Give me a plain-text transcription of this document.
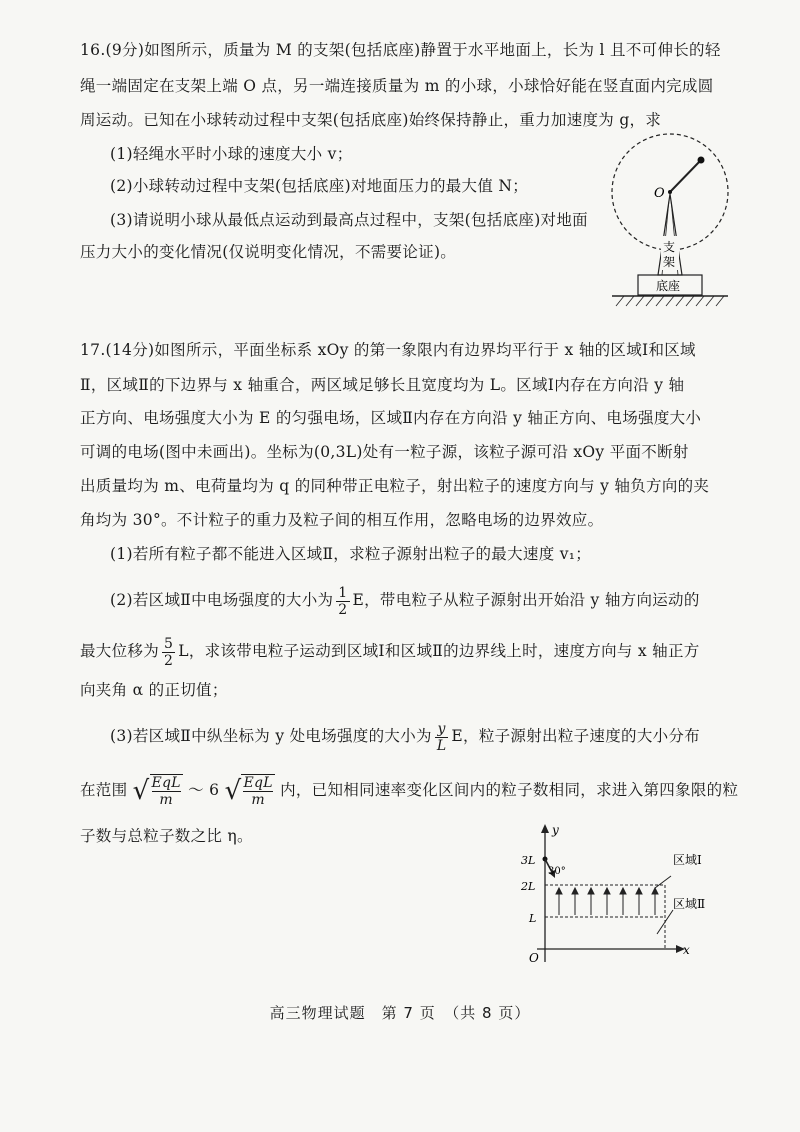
16.(9分)如图所示，质量为 M 的支架(包括底座)静置于水平地面上，长为 l 且不可伸长的轻
绳一端固定在支架上端 O 点，另一端连接质量为 m 的小球，小球恰好能在竖直面内完成圆
周运动。已知在小球转动过程中支架(包括底座)始终保持静止，重力加速度为 g，求
(1)轻绳水平时小球的速度大小 v；
(2)小球转动过程中支架(包括底座)对地面压力的最大值 N；
(3)请说明小球从最低点运动到最高点过程中，支架(包括底座)对地面
压力大小的变化情况(仅说明变化情况，不需要论证)。
O
支
架
底座
17.(14分)如图所示，平面坐标系 xOy 的第一象限内有边界均平行于 x 轴的区域Ⅰ和区域
Ⅱ，区域Ⅱ的下边界与 x 轴重合，两区域足够长且宽度均为 L。区域Ⅰ内存在方向沿 y 轴
正方向、电场强度大小为 E 的匀强电场，区域Ⅱ内存在方向沿 y 轴正方向、电场强度大小
可调的电场(图中未画出)。坐标为(0,3L)处有一粒子源，该粒子源可沿 xOy 平面不断射
出质量均为 m、电荷量均为 q 的同种带正电粒子，射出粒子的速度方向与 y 轴负方向的夹
角均为 30°。不计粒子的重力及粒子间的相互作用，忽略电场的边界效应。
(1)若所有粒子都不能进入区域Ⅱ，求粒子源射出粒子的最大速度 v₁；
(2)若区域Ⅱ中电场强度的大小为 $\frac{1}{2}$ E，带电粒子从粒子源射出开始沿 y 轴方向运动的
最大位移为 $\frac{5}{2}$ L，求该带电粒子运动到区域Ⅰ和区域Ⅱ的边界线上时，速度方向与 x 轴正方
向夹角 α 的正切值；
(3)若区域Ⅱ中纵坐标为 y 处电场强度的大小为 $\frac{y}{L}$ E，粒子源射出粒子速度的大小分布
在范围 √ EqL
m
～ 6 √ EqL
m
内，已知相同速率变化区间内的粒子数相同，求进入第四象限的粒
子数与总粒子数之比 η。	y
x
O
3L
2L
L
30°
区域Ⅰ
区域Ⅱ
高三物理试题　第 7 页　（共 8 页）
